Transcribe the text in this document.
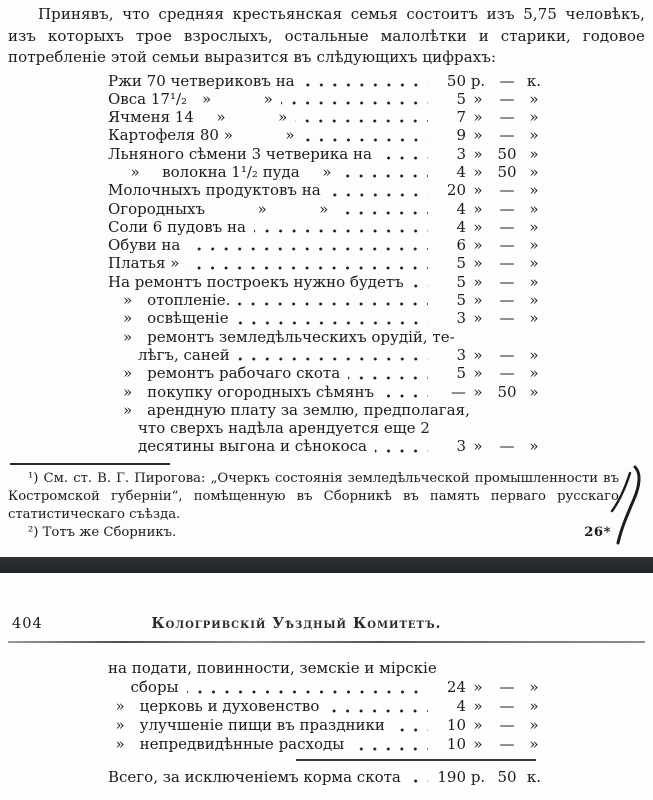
Принявъ, что средняя крестьянская семья состоитъ изъ 5,75 человѣкъ, изъ которыхъ трое взрослыхъ, остальные малолѣтки и старики, годовое потребленіе этой семьи выразится въ слѣдующихъ цифрахъ:

Ржи 70 четвериковъ на	50 р. — к.
Овса 17¹/₂ »    »	5 »	— »
Ячменя 14  »    »	7 »	— »
Картофеля 80 »    »	9 »	— »
Льняного сѣмени 3 четверика на	3 » 50 »
  »  волокна 1¹/₂ пуда  »	4 » 50 »
Молочныхъ продуктовъ на	20 »	— »
Огородныхъ    »    »	4 »	— »
Соли 6 пудовъ на	4 »	— »
Обуви на	6 »	— »
Платья »	5 »	— »
На ремонтъ построекъ нужно будетъ	5 »	— »
  »  отопленіе.	5 »	— »
  »  освѣщеніе	3 »	— »
  »  ремонтъ земледѣльческихъ орудій, те-
   лѣгъ, саней	3 »	— »
  »  ремонтъ рабочаго скота	5 »	— »
  »  покупку огородныхъ сѣмянъ	— » 50 »
  »  арендную плату за землю, предполагая,
   что сверхъ надѣла арендуется еще 2
   десятины выгона и сѣнокоса	3 »	— »

¹) См. ст. В. Г. Пирогова: „Очеркъ состоянія земледѣльческой промышленности въ Костромской губерніи“, помѣщенную въ Сборникѣ въ память перваго русскаго статистическаго съѣзда.

²) Тотъ же Сборникъ.	26*

404	Кологривскій Уѣздный Комитетъ.
на подати, повинности, земскіе и мірскіе
  сборы	24 »	— »
 »  церковь и духовенство	4 »	— »
 »  улучшеніе пищи въ праздники	10 »	— »
 »  непредвидѣнные расходы	10 »	— »
Всего, за исключеніемъ корма скота	190 р. 50 к.
